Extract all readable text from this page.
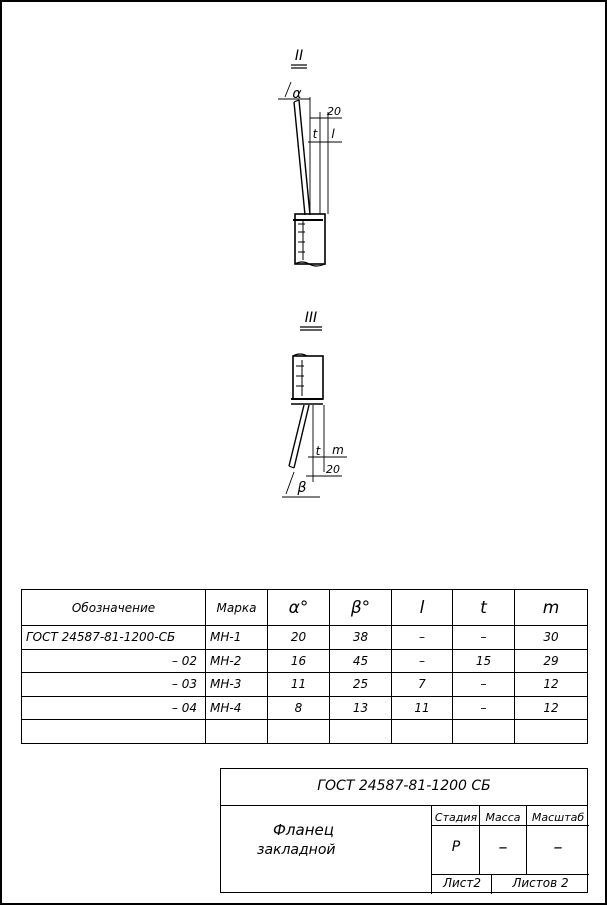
II
α
20
t l
III
m
t
20
β
Обозначение	Марка	α°	β°	l	t	m
ГОСТ 24587-81-1200-СБ	МН-1	20	38	–	–	30
– 02	МН-2	16	45	–	15	29
– 03	МН-3	11	25	7	–	12
– 04	МН-4	8	13	11	–	12

ГОСТ 24587-81-1200 СБ
Фланец
закладной
Стадия Масса	Масштаб
Р	–	–
Лист2	Листов 2
